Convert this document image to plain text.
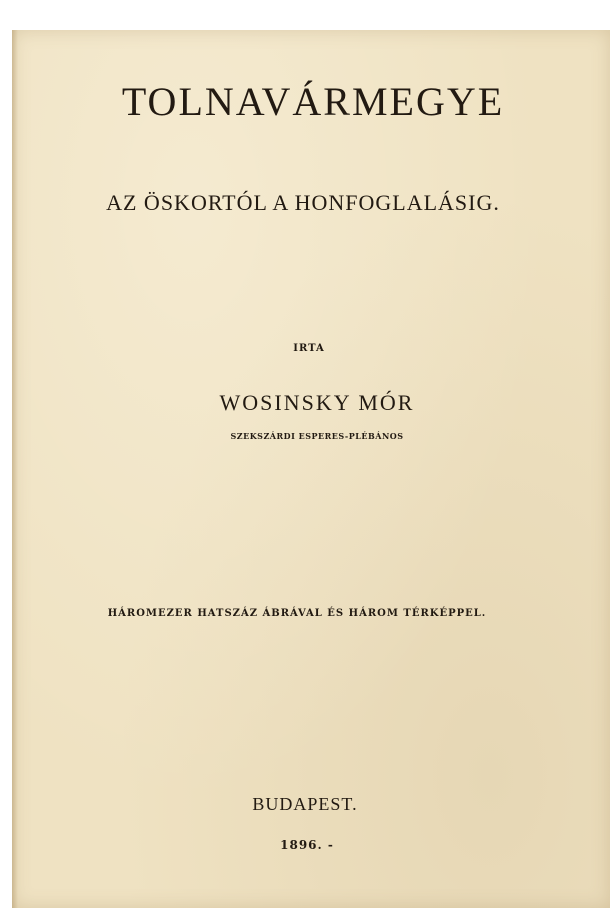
TOLNAVÁRMEGYE
AZ ÖSKORTÓL A HONFOGLALÁSIG.
IRTA
WOSINSKY MÓR
SZEKSZÁRDI ESPERES-PLÉBÁNOS
HÁROMEZER HATSZÁZ ÁBRÁVAL ÉS HÁROM TÉRKÉPPEL.
BUDAPEST.
1896. -
